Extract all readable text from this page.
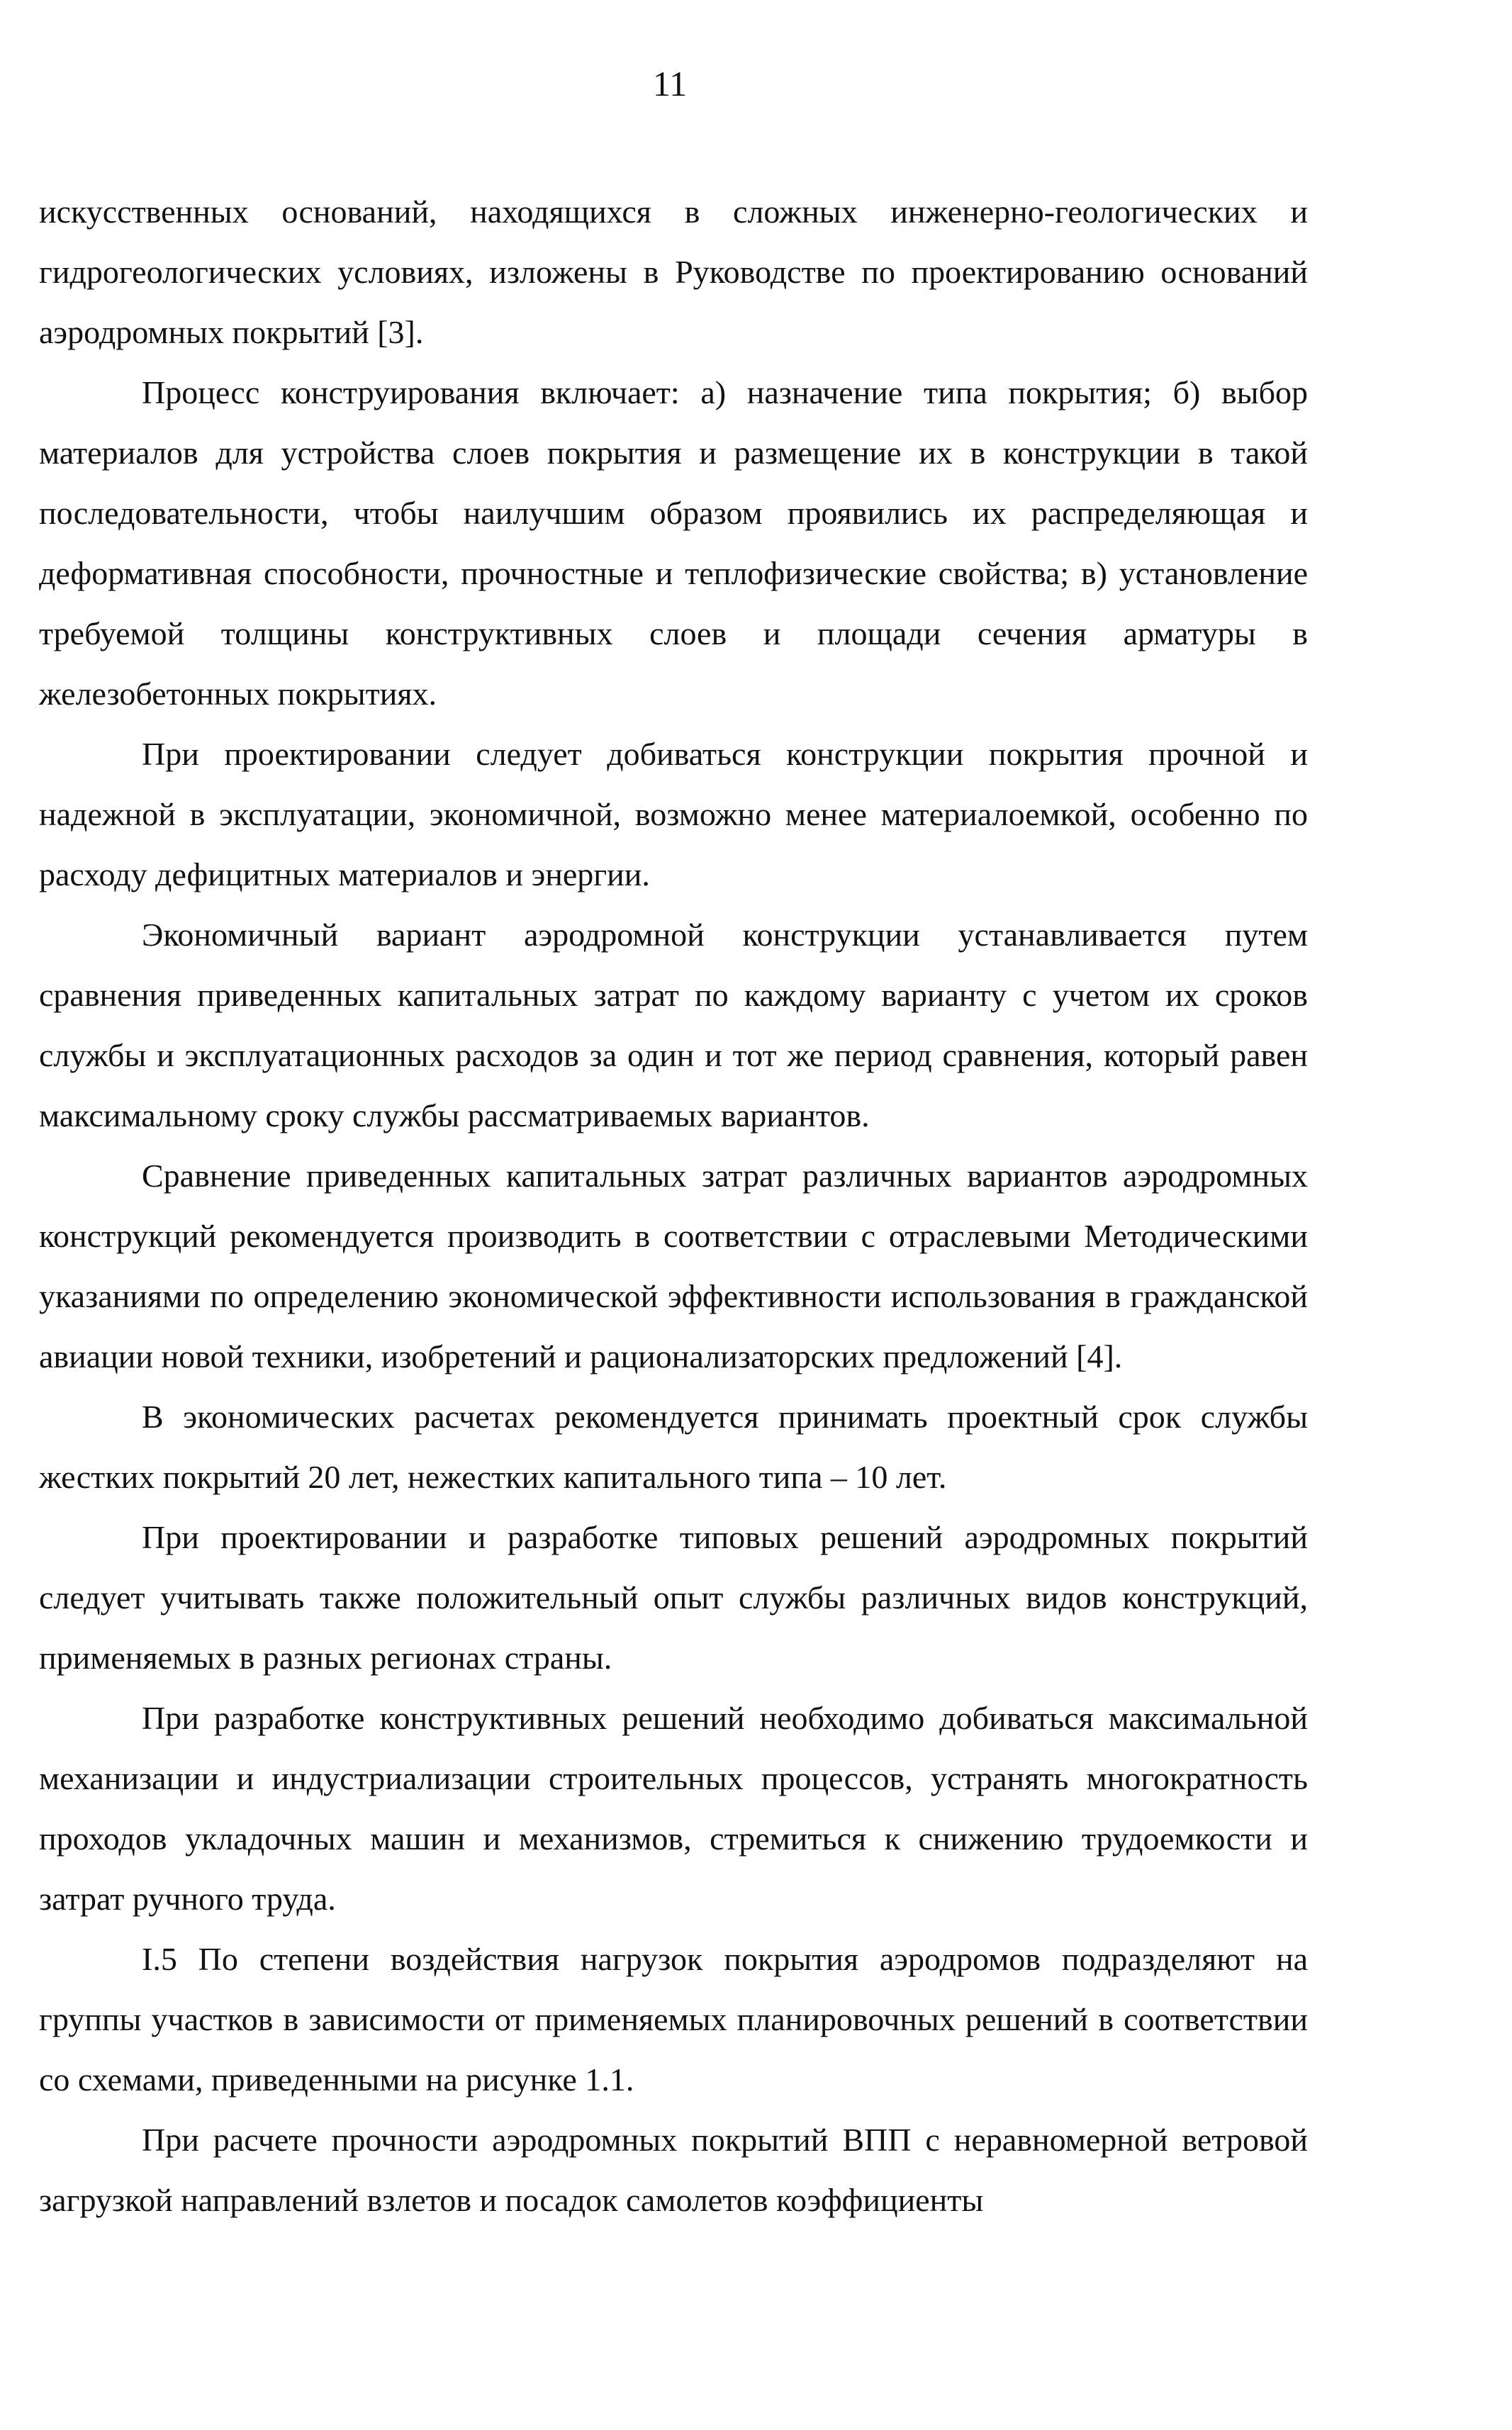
11

искусственных оснований, находящихся в сложных инженерно-геологических и гидрогеологических условиях, изложены в Руководстве по проектированию оснований аэродромных покрытий [3].

Процесс конструирования включает: а) назначение типа покрытия; б) выбор материалов для устройства слоев покрытия и размещение их в конструкции в такой последовательности, чтобы наилучшим образом проявились их распределяющая и деформативная способности, прочностные и теплофизические свойства; в) установление требуемой толщины конструктивных слоев и площади сечения арматуры в железобетонных покрытиях.

При проектировании следует добиваться конструкции покрытия прочной и надежной в эксплуатации, экономичной, возможно менее материалоемкой, особенно по расходу дефицитных материалов и энергии.

Экономичный вариант аэродромной конструкции устанавливается путем сравнения приведенных капитальных затрат по каждому варианту с учетом их сроков службы и эксплуатационных расходов за один и тот же период сравнения, который равен максимальному сроку службы рассматриваемых вариантов.

Сравнение приведенных капитальных затрат различных вариантов аэродромных конструкций рекомендуется производить в соответствии с отраслевыми Методическими указаниями по определению экономической эффективности использования в гражданской авиации новой техники, изобретений и рационализаторских предложений [4].

В экономических расчетах рекомендуется принимать проектный срок службы жестких покрытий 20 лет, нежестких капитального типа – 10 лет.

При проектировании и разработке типовых решений аэродромных покрытий следует учитывать также положительный опыт службы различных видов конструкций, применяемых в разных регионах страны.

При разработке конструктивных решений необходимо добиваться максимальной механизации и индустриализации строительных процессов, устранять многократность проходов укладочных машин и механизмов, стремиться к снижению трудоемкости и затрат ручного труда.

I.5 По степени воздействия нагрузок покрытия аэродромов подразделяют на группы участков в зависимости от применяемых планировочных решений в соответствии со схемами, приведенными на рисунке 1.1.

При расчете прочности аэродромных покрытий ВПП с неравномерной ветровой загрузкой направлений взлетов и посадок самолетов коэффициенты
